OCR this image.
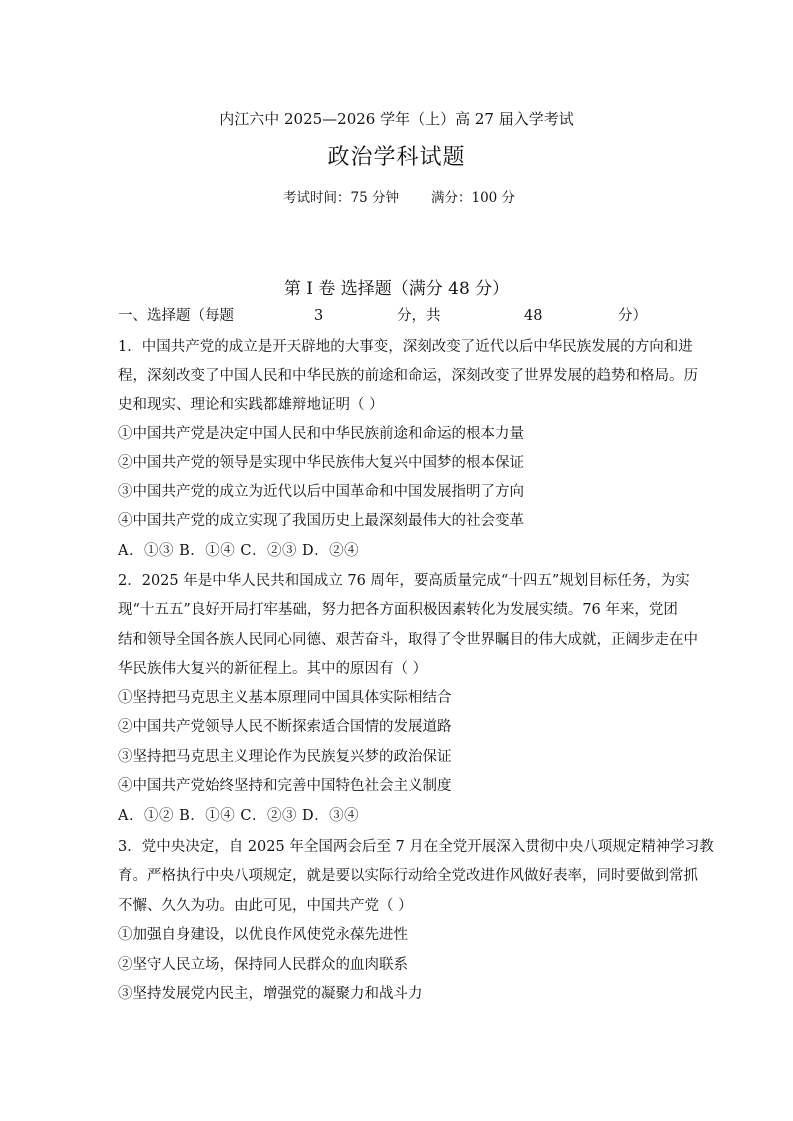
内江六中 2025—2026 学年（上）高 27 届入学考试
政治学科试题
考试时间：75 分钟 满分：100 分
第 I 卷 选择题（满分 48 分）
一、选择题（每题	3	分，共	48	分）
1．中国共产党的成立是开天辟地的大事变，深刻改变了近代以后中华民族发展的方向和进
程，深刻改变了中国人民和中华民族的前途和命运，深刻改变了世界发展的趋势和格局。历
史和现实、理论和实践都雄辩地证明（ ）
①中国共产党是决定中国人民和中华民族前途和命运的根本力量
②中国共产党的领导是实现中华民族伟大复兴中国梦的根本保证
③中国共产党的成立为近代以后中国革命和中国发展指明了方向
④中国共产党的成立实现了我国历史上最深刻最伟大的社会变革
A．①③ B．①④ C．②③ D．②④
2．2025 年是中华人民共和国成立 76 周年，要高质量完成“十四五”规划目标任务，为实
现“十五五”良好开局打牢基础，努力把各方面积极因素转化为发展实绩。76 年来，党团
结和领导全国各族人民同心同德、艰苦奋斗，取得了令世界瞩目的伟大成就，正阔步走在中
华民族伟大复兴的新征程上。其中的原因有（ ）
①坚持把马克思主义基本原理同中国具体实际相结合
②中国共产党领导人民不断探索适合国情的发展道路
③坚持把马克思主义理论作为民族复兴梦的政治保证
④中国共产党始终坚持和完善中国特色社会主义制度
A．①② B．①④ C．②③ D．③④
3．党中央决定，自 2025 年全国两会后至 7 月在全党开展深入贯彻中央八项规定精神学习教
育。严格执行中央八项规定，就是要以实际行动给全党改进作风做好表率，同时要做到常抓
不懈、久久为功。由此可见，中国共产党（ ）
①加强自身建设，以优良作风使党永葆先进性
②坚守人民立场，保持同人民群众的血肉联系
③坚持发展党内民主，增强党的凝聚力和战斗力
